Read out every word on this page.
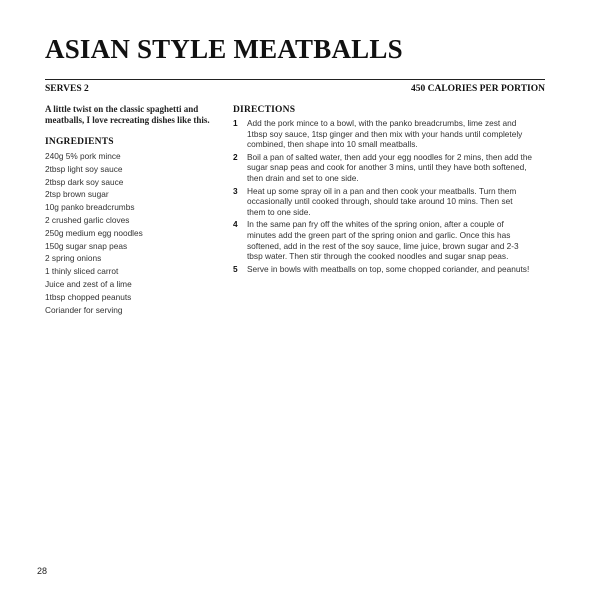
ASIAN STYLE MEATBALLS
SERVES 2	450 CALORIES PER PORTION

A little twist on the classic spaghetti and meatballs, I love recreating dishes like this.

INGREDIENTS
240g 5% pork mince
2tbsp light soy sauce
2tbsp dark soy sauce
2tsp brown sugar
10g panko breadcrumbs
2 crushed garlic cloves
250g medium egg noodles
150g sugar snap peas
2 spring onions
1 thinly sliced carrot
Juice and zest of a lime
1tbsp chopped peanuts
Coriander for serving
DIRECTIONS
1	Add the pork mince to a bowl, with the panko breadcrumbs, lime zest and 1tbsp soy sauce, 1tsp ginger and then mix with your hands until completely combined, then shape into 10 small meatballs.
2	Boil a pan of salted water, then add your egg noodles for 2 mins, then add the sugar snap peas and cook for another 3 mins, until they have both softened, then drain and set to one side.
3	Heat up some spray oil in a pan and then cook your meatballs. Turn them occasionally until cooked through, should take around 10 mins. Then set them to one side.
4	In the same pan fry off the whites of the spring onion, after a couple of minutes add the green part of the spring onion and garlic. Once this has softened, add in the rest of the soy sauce, lime juice, brown sugar and 2-3 tbsp water. Then stir through the cooked noodles and sugar snap peas.
5	Serve in bowls with meatballs on top, some chopped coriander, and peanuts!
28
